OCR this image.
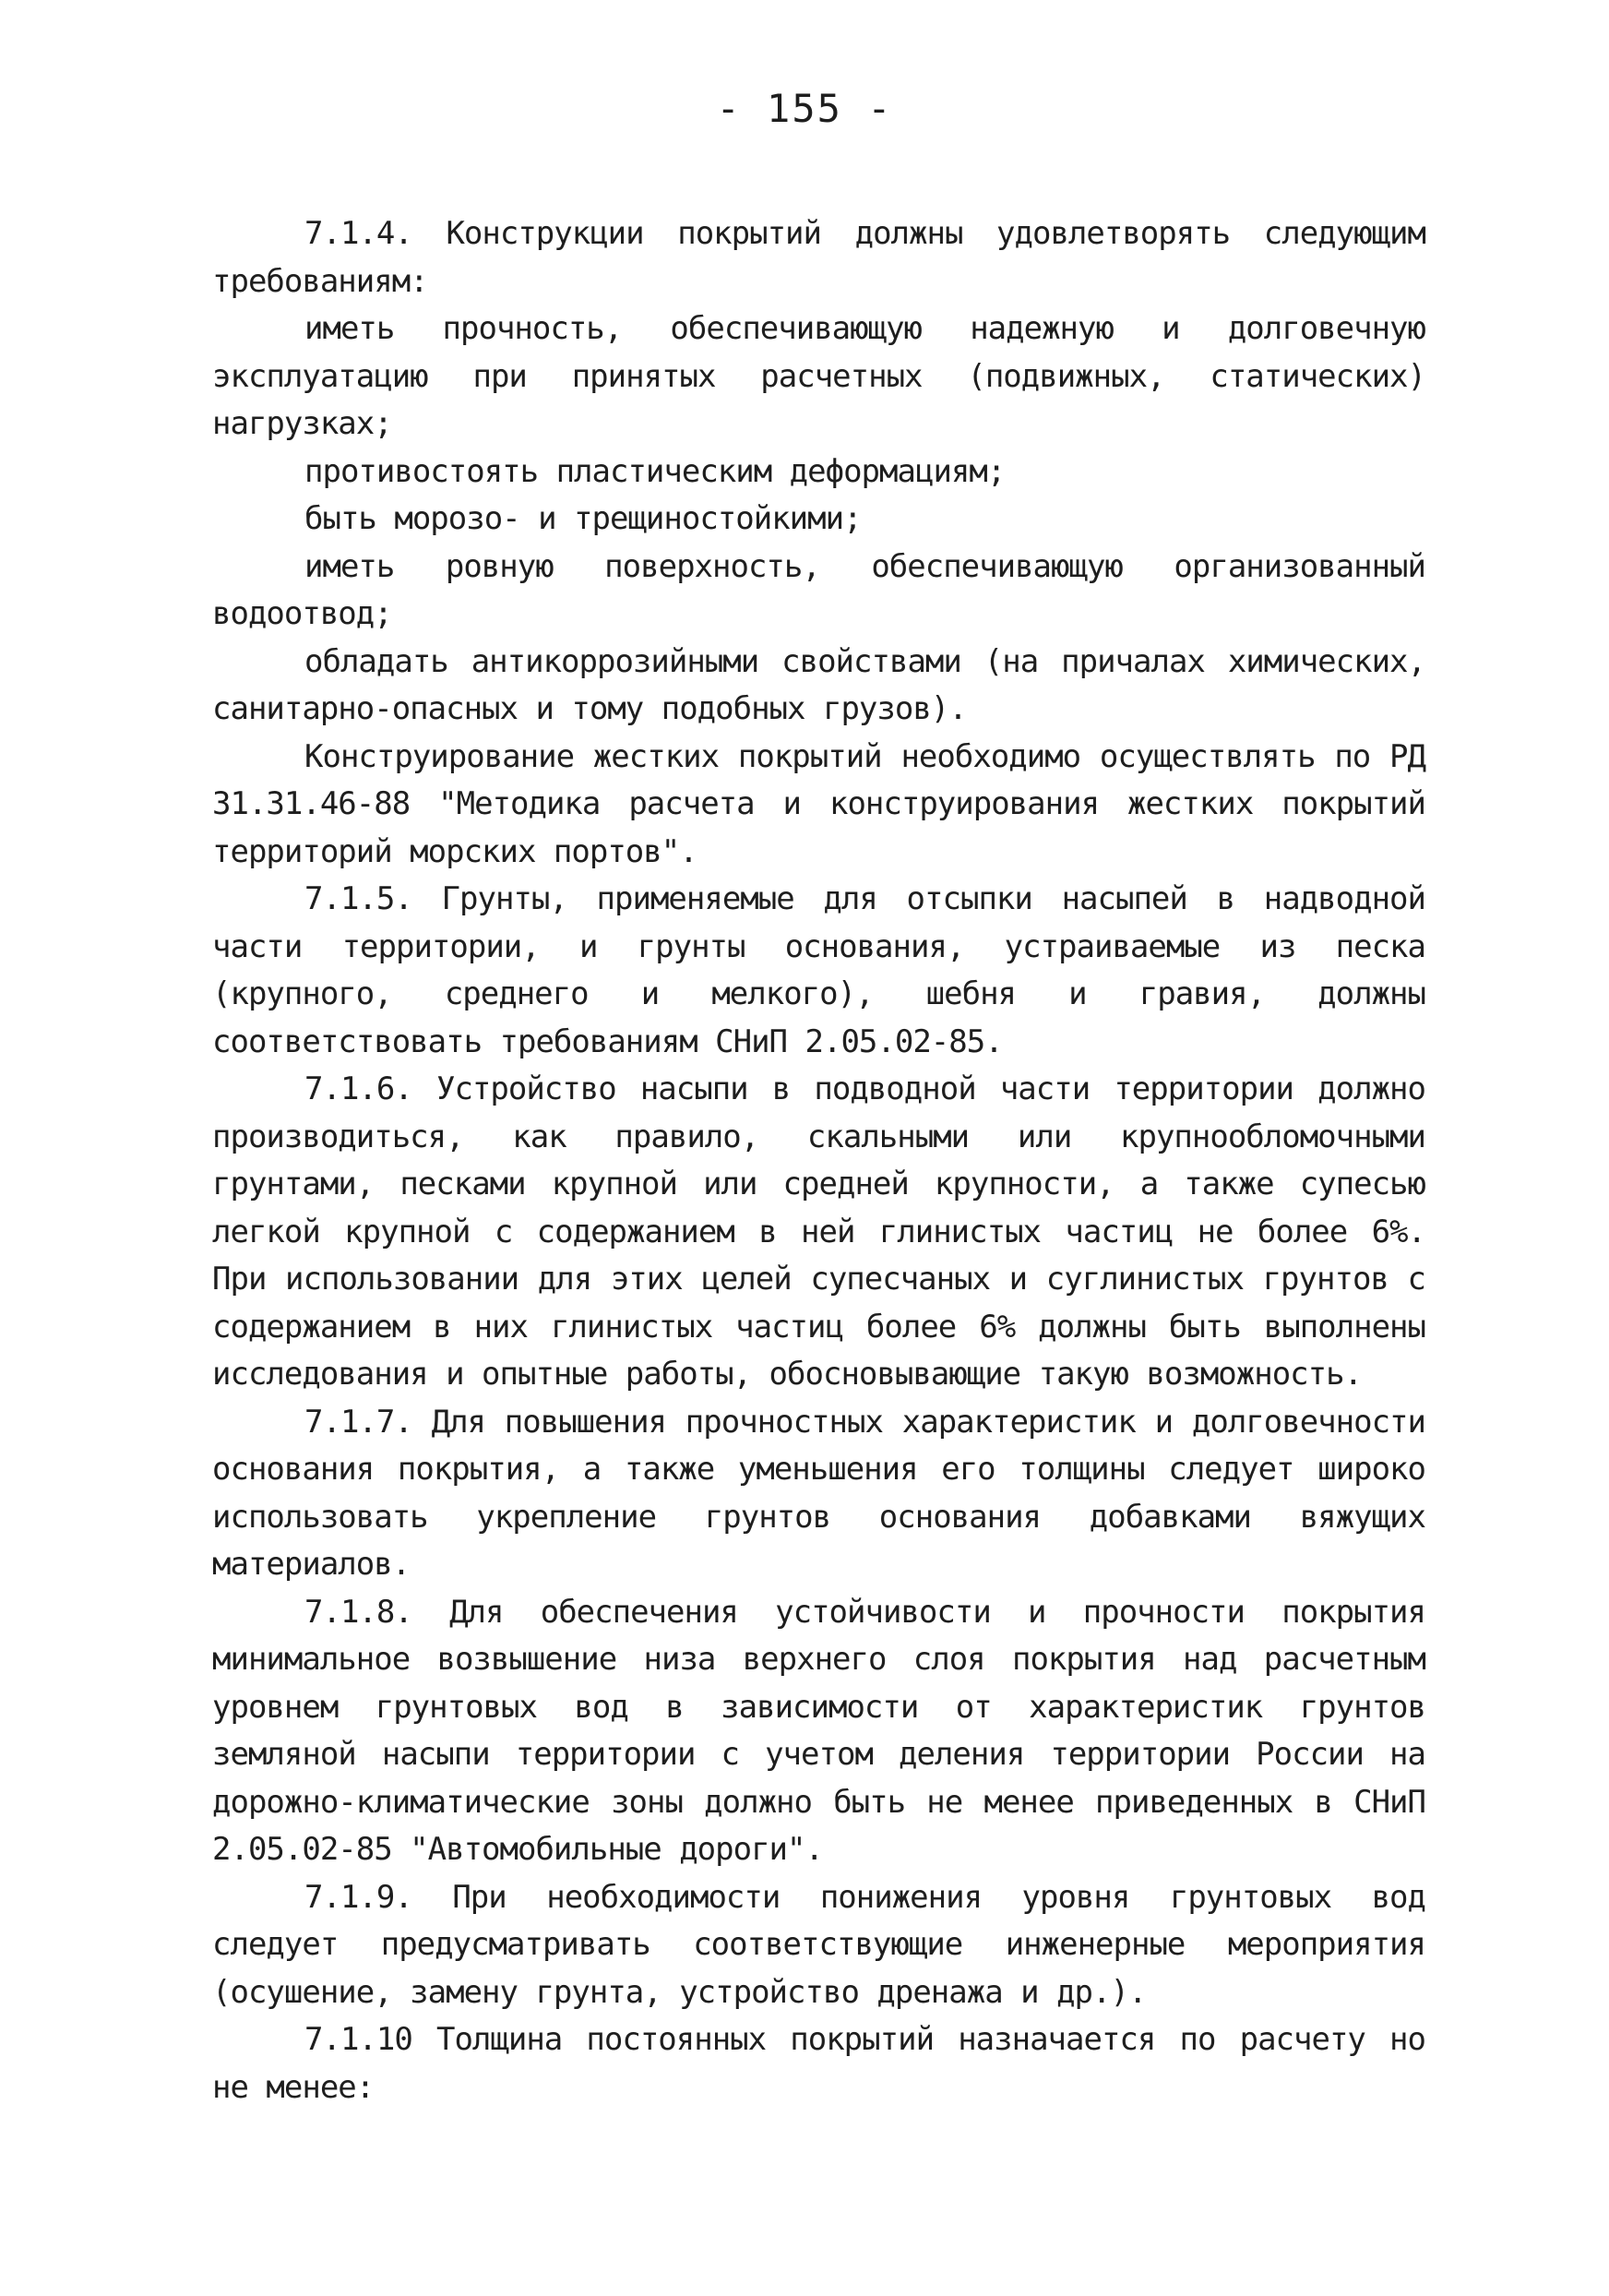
- 155 -

7.1.4. Конструкции покрытий должны удовлетворять следующим требованиям:

иметь прочность, обеспечивающую надежную и долговечную эксплуатацию при принятых расчетных (подвижных, статических) нагрузках;

противостоять пластическим деформациям;

быть морозо- и трещиностойкими;

иметь ровную поверхность, обеспечивающую организованный водоотвод;

обладать антикоррозийными свойствами (на причалах химических, санитарно-опасных и тому подобных грузов).

Конструирование жестких покрытий необходимо осуществлять по РД 31.31.46-88 "Методика расчета и конструирования жестких покрытий территорий морских портов".

7.1.5. Грунты, применяемые для отсыпки насыпей в надводной части территории, и грунты основания, устраиваемые из песка (крупного, среднего и мелкого), шебня и гравия, должны соответствовать требованиям СНиП 2.05.02-85.

7.1.6. Устройство насыпи в подводной части территории должно производиться, как правило, скальными или крупнообломочными грунтами, песками крупной или средней крупности, а также супесью легкой крупной с содержанием в ней глинистых частиц не более 6%. При использовании для этих целей супесчаных и суглинистых грунтов с содержанием в них глинистых частиц более 6% должны быть выполнены исследования и опытные работы, обосновывающие такую возможность.

7.1.7. Для повышения прочностных характеристик и долговечности основания покрытия, а также уменьшения его толщины следует широко использовать укрепление грунтов основания добавками вяжущих материалов.

7.1.8. Для обеспечения устойчивости и прочности покрытия минимальное возвышение низа верхнего слоя покрытия над расчетным уровнем грунтовых вод в зависимости от характеристик грунтов земляной насыпи территории с учетом деления территории России на дорожно-климатические зоны должно быть не менее приведенных в СНиП 2.05.02-85 "Автомобильные дороги".

7.1.9. При необходимости понижения уровня грунтовых вод следует предусматривать соответствующие инженерные мероприятия (осушение, замену грунта, устройство дренажа и др.).

7.1.10 Толщина постоянных покрытий назначается по расчету но не менее:
